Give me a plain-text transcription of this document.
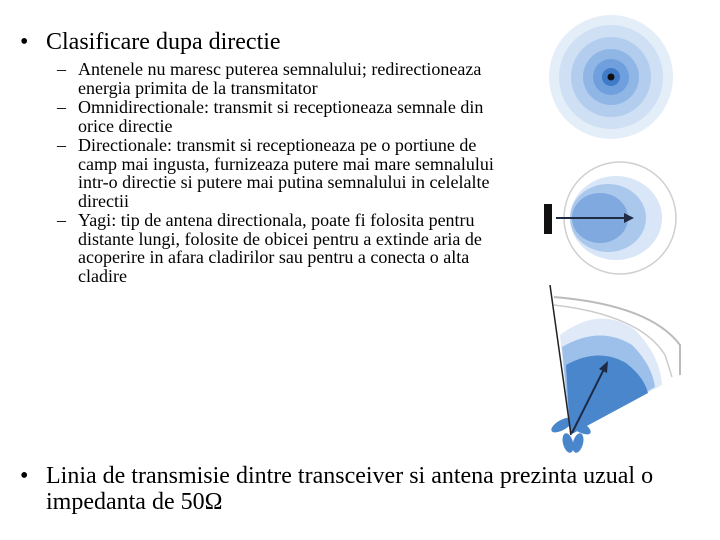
• Clasificare dupa directie
– Antenele nu maresc puterea semnalului; redirectioneaza energia primita de la transmitator
– Omnidirectionale: transmit si receptioneaza semnale din orice directie
– Directionale: transmit si receptioneaza pe o portiune de camp mai ingusta, furnizeaza putere mai mare semnalului intr-o directie si putere mai putina semnalului in celelalte directii
– Yagi: tip de antena directionala, poate fi folosita pentru distante lungi, folosite de obicei pentru a extinde aria de acoperire in afara cladirilor sau pentru a conecta o alta cladire
• Linia de transmisie dintre transceiver si antena prezinta uzual o impedanta de 50Ω
